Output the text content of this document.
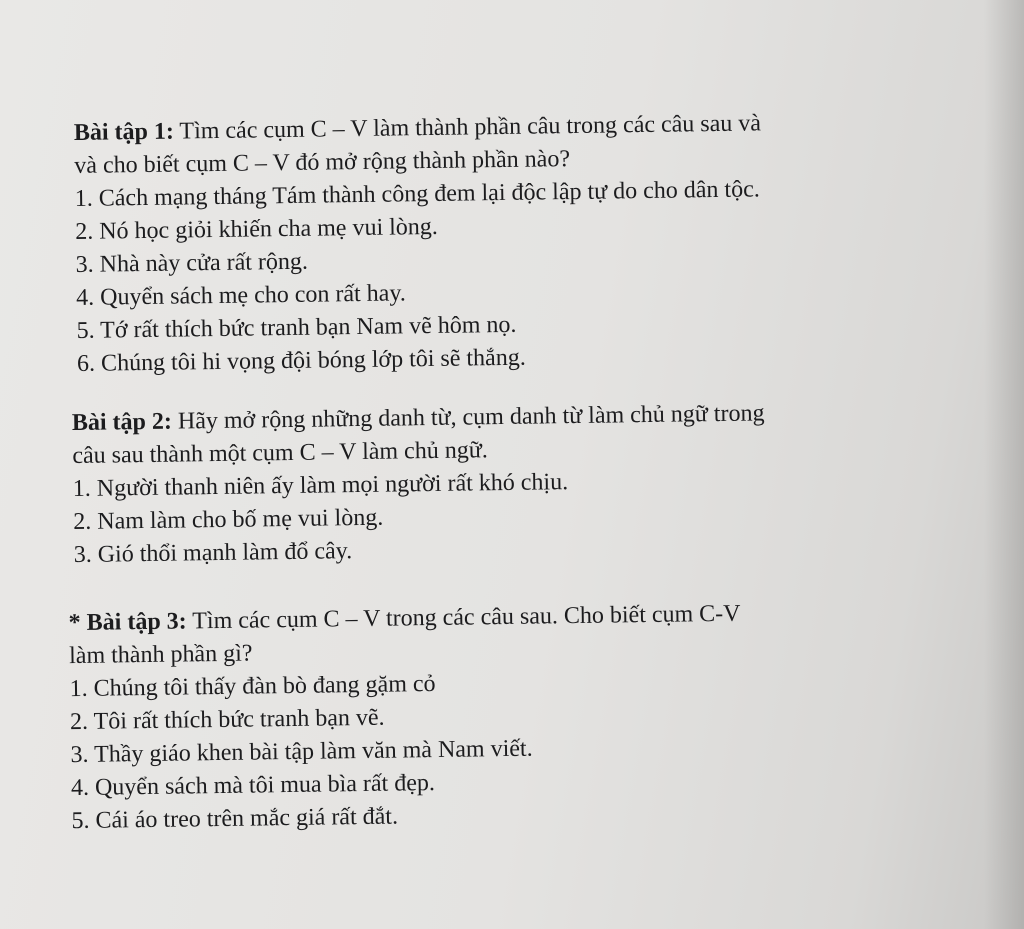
Bài tập 1: Tìm các cụm C – V làm thành phần câu trong các câu sau và
và cho biết cụm C – V đó mở rộng thành phần nào?
1. Cách mạng tháng Tám thành công đem lại độc lập tự do cho dân tộc.
2. Nó học giỏi khiến cha mẹ vui lòng.
3. Nhà này cửa rất rộng.
4. Quyển sách mẹ cho con rất hay.
5. Tớ rất thích bức tranh bạn Nam vẽ hôm nọ.
6. Chúng tôi hi vọng đội bóng lớp tôi sẽ thắng.
Bài tập 2: Hãy mở rộng những danh từ, cụm danh từ làm chủ ngữ trong
câu sau thành một cụm C – V làm chủ ngữ.
1. Người thanh niên ấy làm mọi người rất khó chịu.
2. Nam làm cho bố mẹ vui lòng.
3. Gió thổi mạnh làm đổ cây.
* Bài tập 3: Tìm các cụm C – V trong các câu sau. Cho biết cụm C-V
làm thành phần gì?
1. Chúng tôi thấy đàn bò đang gặm cỏ
2. Tôi rất thích bức tranh bạn vẽ.
3. Thầy giáo khen bài tập làm văn mà Nam viết.
4. Quyển sách mà tôi mua bìa rất đẹp.
5. Cái áo treo trên mắc giá rất đắt.
